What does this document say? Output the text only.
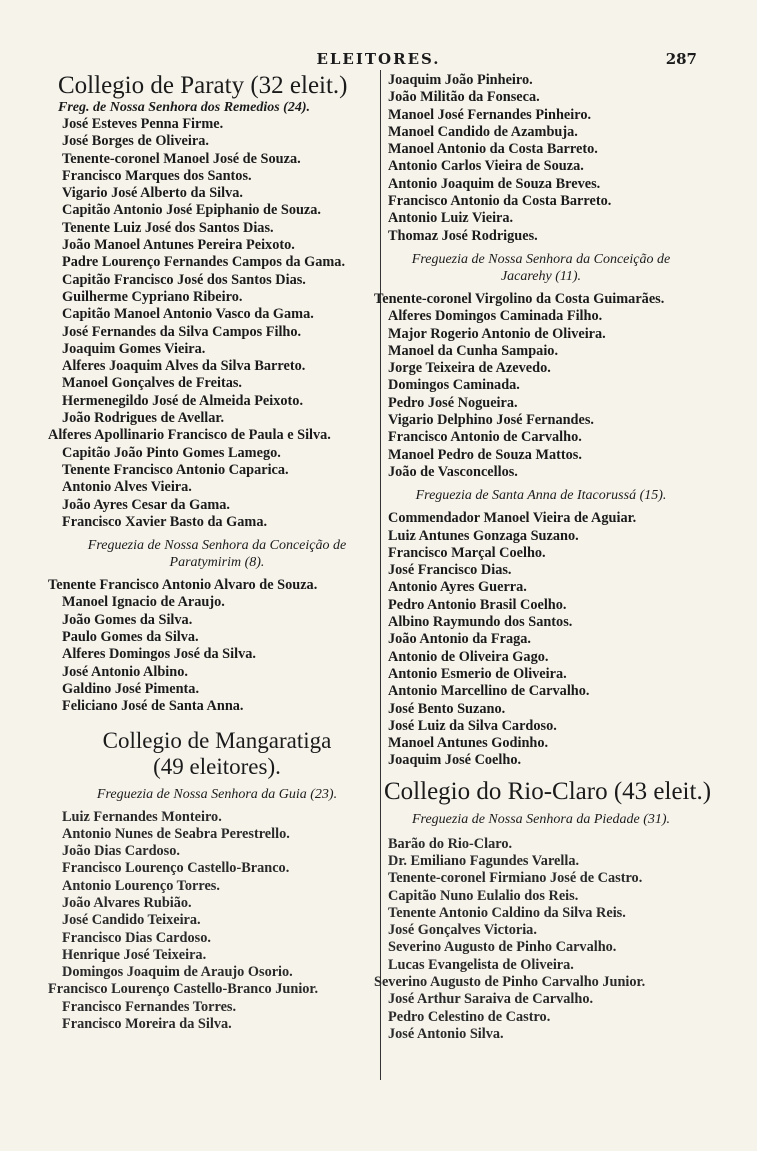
ELEITORES.	287
Collegio de Paraty (32 eleit.)
Freg. de Nossa Senhora dos Remedios (24).
José Esteves Penna Firme.
José Borges de Oliveira.
Tenente-coronel Manoel José de Souza.
Francisco Marques dos Santos.
Vigario José Alberto da Silva.
Capitão Antonio José Epiphanio de Souza.
Tenente Luiz José dos Santos Dias.
João Manoel Antunes Pereira Peixoto.
Padre Lourenço Fernandes Campos da Gama.
Capitão Francisco José dos Santos Dias.
Guilherme Cypriano Ribeiro.
Capitão Manoel Antonio Vasco da Gama.
José Fernandes da Silva Campos Filho.
Joaquim Gomes Vieira.
Alferes Joaquim Alves da Silva Barreto.
Manoel Gonçalves de Freitas.
Hermenegildo José de Almeida Peixoto.
João Rodrigues de Avellar.
Alferes Apollinario Francisco de Paula e Silva.
Capitão João Pinto Gomes Lamego.
Tenente Francisco Antonio Caparica.
Antonio Alves Vieira.
João Ayres Cesar da Gama.
Francisco Xavier Basto da Gama.
Freguezia de Nossa Senhora da Conceição de Paratymirim (8).
Tenente Francisco Antonio Alvaro de Souza.
Manoel Ignacio de Araujo.
João Gomes da Silva.
Paulo Gomes da Silva.
Alferes Domingos José da Silva.
José Antonio Albino.
Galdino José Pimenta.
Feliciano José de Santa Anna.
Collegio de Mangaratiga
(49 eleitores).
Freguezia de Nossa Senhora da Guia (23).
Luiz Fernandes Monteiro.
Antonio Nunes de Seabra Perestrello.
João Dias Cardoso.
Francisco Lourenço Castello-Branco.
Antonio Lourenço Torres.
João Alvares Rubião.
José Candido Teixeira.
Francisco Dias Cardoso.
Henrique José Teixeira.
Domingos Joaquim de Araujo Osorio.
Francisco Lourenço Castello-Branco Junior.
Francisco Fernandes Torres.
Francisco Moreira da Silva.
Joaquim João Pinheiro.
João Militão da Fonseca.
Manoel José Fernandes Pinheiro.
Manoel Candido de Azambuja.
Manoel Antonio da Costa Barreto.
Antonio Carlos Vieira de Souza.
Antonio Joaquim de Souza Breves.
Francisco Antonio da Costa Barreto.
Antonio Luiz Vieira.
Thomaz José Rodrigues.
Freguezia de Nossa Senhora da Conceição de Jacarehy (11).
Tenente-coronel Virgolino da Costa Guimarães.
Alferes Domingos Caminada Filho.
Major Rogerio Antonio de Oliveira.
Manoel da Cunha Sampaio.
Jorge Teixeira de Azevedo.
Domingos Caminada.
Pedro José Nogueira.
Vigario Delphino José Fernandes.
Francisco Antonio de Carvalho.
Manoel Pedro de Souza Mattos.
João de Vasconcellos.
Freguezia de Santa Anna de Itacorussá (15).
Commendador Manoel Vieira de Aguiar.
Luiz Antunes Gonzaga Suzano.
Francisco Marçal Coelho.
José Francisco Dias.
Antonio Ayres Guerra.
Pedro Antonio Brasil Coelho.
Albino Raymundo dos Santos.
João Antonio da Fraga.
Antonio de Oliveira Gago.
Antonio Esmerio de Oliveira.
Antonio Marcellino de Carvalho.
José Bento Suzano.
José Luiz da Silva Cardoso.
Manoel Antunes Godinho.
Joaquim José Coelho.
Collegio do Rio-Claro (43 eleit.)
Freguezia de Nossa Senhora da Piedade (31).
Barão do Rio-Claro.
Dr. Emiliano Fagundes Varella.
Tenente-coronel Firmiano José de Castro.
Capitão Nuno Eulalio dos Reis.
Tenente Antonio Caldino da Silva Reis.
José Gonçalves Victoria.
Severino Augusto de Pinho Carvalho.
Lucas Evangelista de Oliveira.
Severino Augusto de Pinho Carvalho Junior.
José Arthur Saraiva de Carvalho.
Pedro Celestino de Castro.
José Antonio Silva.
